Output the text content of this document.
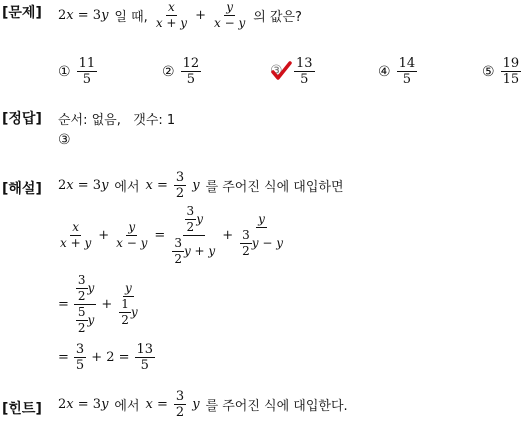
[문제] 2x = 3y 일 때, $\frac{x}{x + y} + \frac{y}{x - y}$ 의 값은?
① $\frac{11}{5}$	② $\frac{12}{5}$	③ $\frac{13}{5}$	④ $\frac{14}{5}$	⑤ $\frac{19}{15}$
[정답] 순서: 없음,   갯수: 1
③
[해설] 2x = 3y 에서 $x = \frac{3}{2}$ y 를 주어진 식에 대입하면
$\frac{x}{x + y} + \frac{y}{x - y} = \frac{\frac{3}{2} y}{\frac{3}{2} y + y} + \frac{y}{\frac{3}{2} y - y}$
= $\frac{\frac{3}{2} y}{\frac{5}{2} y} + \frac{y}{\frac{1}{2} y}$
= $\frac{3}{5} + 2 = \frac{13}{5}$
[힌트] 2x = 3y 에서 $x = \frac{3}{2}$ y 를 주어진 식에 대입한다.
